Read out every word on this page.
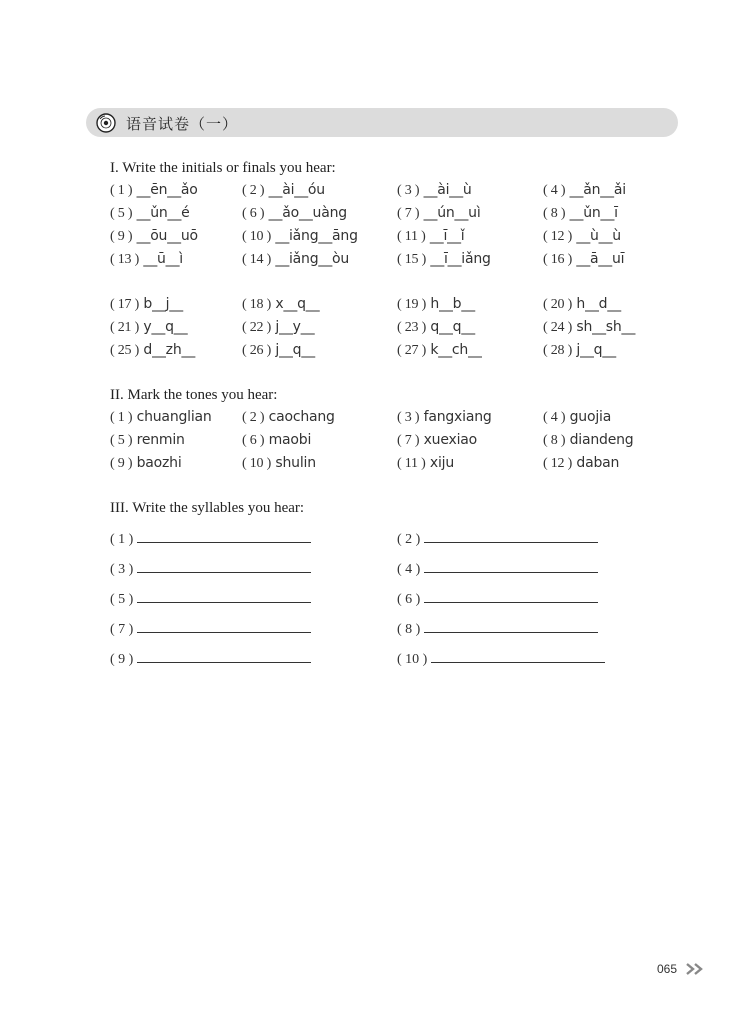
语音试卷（一）
I. Write the initials or finals you hear:
( 1 ) __ēn__ǎo	( 2 ) __ài__óu	( 3 ) __ài__ù	( 4 ) __ǎn__ǎi
( 5 ) __ǔn__é	( 6 ) __ǎo__uàng	( 7 ) __ún__uì	( 8 ) __ǔn__ī
( 9 ) __ōu__uō	( 10 ) __iǎng__āng	( 11 ) __ī__ǐ	( 12 ) __ù__ù
( 13 ) __ū__ì	( 14 ) __iǎng__òu	( 15 ) __ī__iǎng	( 16 ) __ā__uī
( 17 ) b__j__	( 18 ) x__q__	( 19 ) h__b__	( 20 ) h__d__
( 21 ) y__q__	( 22 ) j__y__	( 23 ) q__q__	( 24 ) sh__sh__
( 25 ) d__zh__	( 26 ) j__q__	( 27 ) k__ch__	( 28 ) j__q__
II. Mark the tones you hear:
( 1 ) chuanglian ( 2 ) caochang	( 3 ) fangxiang	( 4 ) guojia
( 5 ) renmin	( 6 ) maobi	( 7 ) xuexiao	( 8 ) diandeng
( 9 ) baozhi	( 10 ) shulin	( 11 ) xiju	( 12 ) daban
III. Write the syllables you hear:
( 1 )	( 2 )
( 3 )	( 4 )
( 5 )	( 6 )
( 7 )	( 8 )
( 9 )	( 10 )
065
